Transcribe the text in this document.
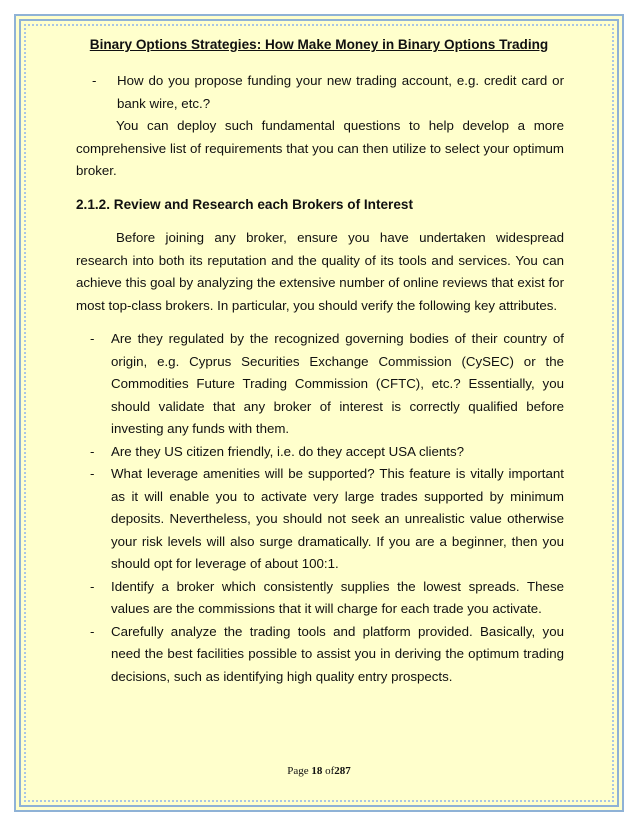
Binary Options Strategies: How Make Money in Binary Options Trading

- How do you propose funding your new trading account, e.g. credit card or bank wire, etc.?

You can deploy such fundamental questions to help develop a more comprehensive list of requirements that you can then utilize to select your optimum broker.

2.1.2. Review and Research each Brokers of Interest

Before joining any broker, ensure you have undertaken widespread research into both its reputation and the quality of its tools and services. You can achieve this goal by analyzing the extensive number of online reviews that exist for most top-class brokers. In particular, you should verify the following key attributes.

- Are they regulated by the recognized governing bodies of their country of origin, e.g. Cyprus Securities Exchange Commission (CySEC) or the Commodities Future Trading Commission (CFTC), etc.? Essentially, you should validate that any broker of interest is correctly qualified before investing any funds with them.

- Are they US citizen friendly, i.e. do they accept USA clients?

- What leverage amenities will be supported? This feature is vitally important as it will enable you to activate very large trades supported by minimum deposits. Nevertheless, you should not seek an unrealistic value otherwise your risk levels will also surge dramatically. If you are a beginner, then you should opt for leverage of about 100:1.

- Identify a broker which consistently supplies the lowest spreads. These values are the commissions that it will charge for each trade you activate.

- Carefully analyze the trading tools and platform provided. Basically, you need the best facilities possible to assist you in deriving the optimum trading decisions, such as identifying high quality entry prospects.

Page 18 of287
